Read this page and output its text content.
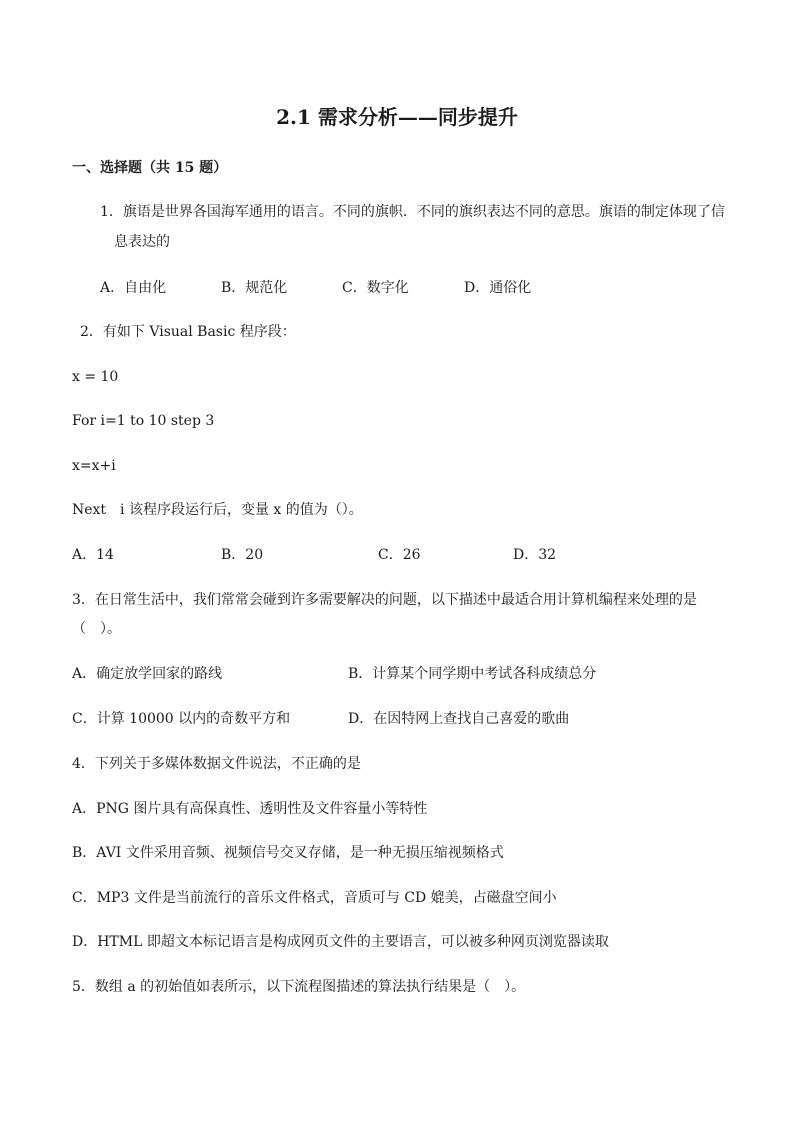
2.1 需求分析——同步提升
一、选择题（共 15 题）
1．旗语是世界各国海军通用的语言。不同的旗帜．不同的旗织表达不同的意思。旗语的制定体现了信
息表达的
A．自由化	B．规范化	C．数字化	D．通俗化
2．有如下 Visual Basic 程序段：
x = 10
For i=1 to 10 step 3
x=x+i
Next　i 该程序段运行后，变量 x 的值为（）。
A．14	B．20	C．26	D．32
3．在日常生活中，我们常常会碰到许多需要解决的问题，以下描述中最适合用计算机编程来处理的是
（　）。
A．确定放学回家的路线	B．计算某个同学期中考试各科成绩总分
C．计算 10000 以内的奇数平方和	D．在因特网上查找自己喜爱的歌曲
4．下列关于多媒体数据文件说法，不正确的是
A．PNG 图片具有高保真性、透明性及文件容量小等特性
B．AVI 文件采用音频、视频信号交叉存储，是一种无损压缩视频格式
C．MP3 文件是当前流行的音乐文件格式，音质可与 CD 媲美，占磁盘空间小
D．HTML 即超文本标记语言是构成网页文件的主要语言，可以被多种网页浏览器读取
5．数组 a 的初始值如表所示，以下流程图描述的算法执行结果是（　）。
